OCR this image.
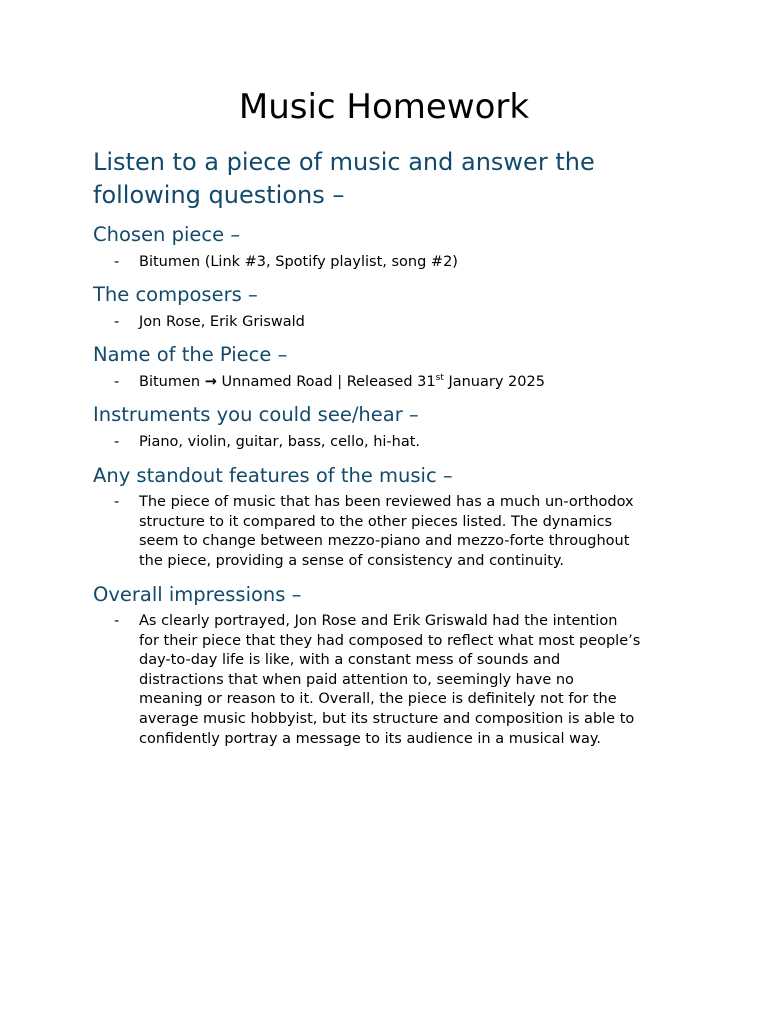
Music Homework
Listen to a piece of music and answer the following questions –
Chosen piece –
- Bitumen (Link #3, Spotify playlist, song #2)

The composers –
- Jon Rose, Erik Griswald

Name of the Piece –
- Bitumen → Unnamed Road | Released 31st January 2025

Instruments you could see/hear –
- Piano, violin, guitar, bass, cello, hi-hat.

Any standout features of the music –
- The piece of music that has been reviewed has a much un-orthodox
structure to it compared to the other pieces listed. The dynamics
seem to change between mezzo-piano and mezzo-forte throughout
the piece, providing a sense of consistency and continuity.
Overall impressions –
- As clearly portrayed, Jon Rose and Erik Griswald had the intention
for their piece that they had composed to reflect what most people’s
day-to-day life is like, with a constant mess of sounds and
distractions that when paid attention to, seemingly have no
meaning or reason to it. Overall, the piece is definitely not for the
average music hobbyist, but its structure and composition is able to
confidently portray a message to its audience in a musical way.
